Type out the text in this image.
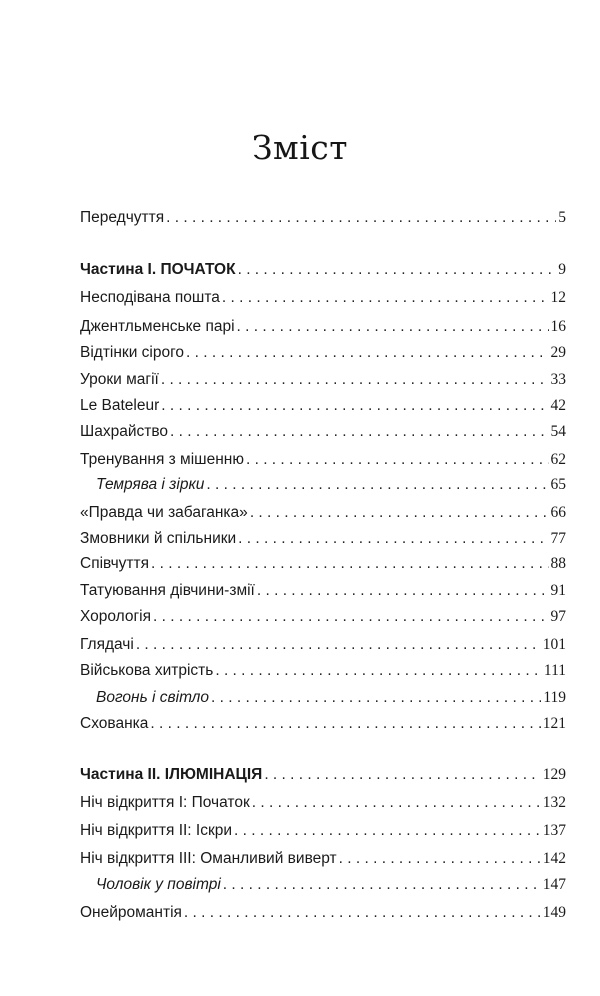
Зміст
Передчуття . . .	5
Частина I. ПОЧАТОК . . .	9
Несподівана пошта . . .	12
Джентльменське парі . . .	16
Відтінки сірого . . .	29
Уроки магії . . .	33
Le Bateleur . . .	42
Шахрайство . . .	54
Тренування з мішенню . . .	62
Темрява і зірки . . .	65
«Правда чи забаганка» . . .	66
Змовники й спільники . . .	77
Співчуття . . .	88
Татуювання дівчини-змії . . .	91
Хорологія . . .	97
Глядачі . . .	101
Військова хитрість . . .	111
Вогонь і світло . . .	119
Схованка . . .	121
Частина II. ІЛЮМІНАЦІЯ . . .	129
Ніч відкриття I: Початок . . .	132
Ніч відкриття II: Іскри . . .	137
Ніч відкриття III: Оманливий виверт . . .	142
Чоловік у повітрі . . .	147
Онейромантія . . .	149
